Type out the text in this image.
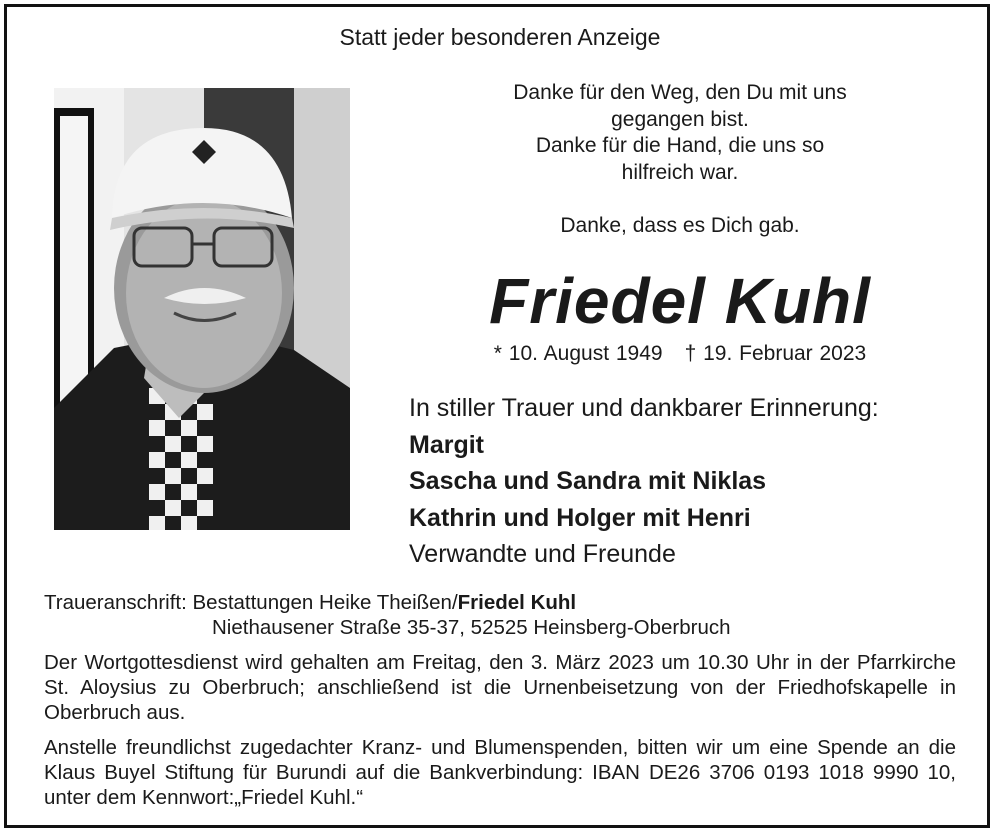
Statt jeder besonderen Anzeige
Danke für den Weg, den Du mit uns
gegangen bist.
Danke für die Hand, die uns so
hilfreich war.
Danke, dass es Dich gab.
Friedel Kuhl
* 10. August 1949 † 19. Februar 2023
In stiller Trauer und dankbarer Erinnerung:
Margit
Sascha und Sandra mit Niklas
Kathrin und Holger mit Henri
Verwandte und Freunde
Traueranschrift: Bestattungen Heike Theißen/Friedel Kuhl
Niethausener Straße 35-37, 52525 Heinsberg-Oberbruch
Der Wortgottesdienst wird gehalten am Freitag, den 3. März 2023 um 10.30 Uhr in der Pfarrkirche St. Aloysius zu Oberbruch; anschließend ist die Urnenbeisetzung von der Friedhofskapelle in Oberbruch aus.
Anstelle freundlichst zugedachter Kranz- und Blumenspenden, bitten wir um eine Spende an die Klaus Buyel Stiftung für Burundi auf die Bankverbindung: IBAN DE26 3706 0193 1018 9990 10, unter dem Kennwort:„Friedel Kuhl.“
